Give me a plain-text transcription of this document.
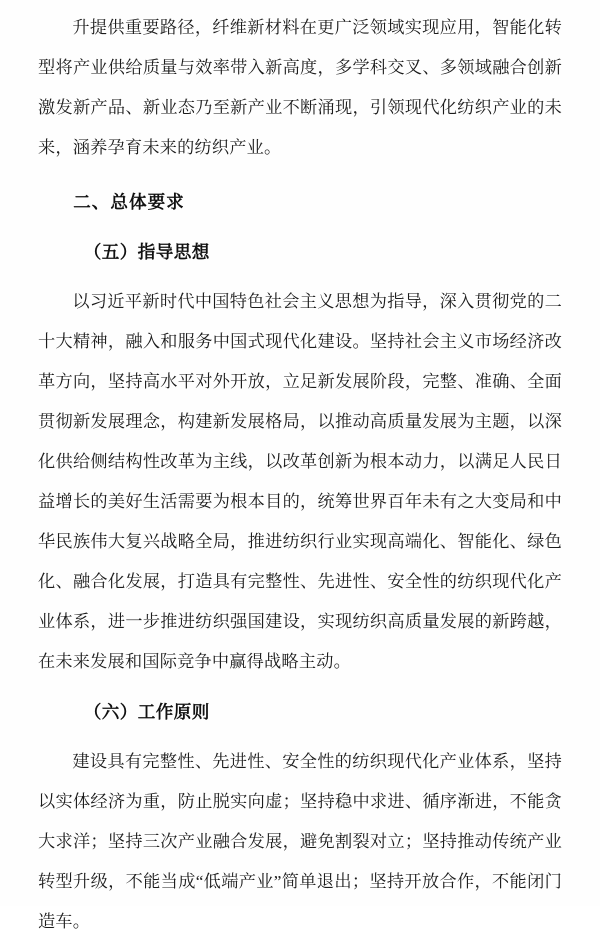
升提供重要路径，纤维新材料在更广泛领域实现应用，智能化转型将产业供给质量与效率带入新高度，多学科交叉、多领域融合创新激发新产品、新业态乃至新产业不断涌现，引领现代化纺织产业的未来，涵养孕育未来的纺织产业。

二、总体要求
（五）指导思想

以习近平新时代中国特色社会主义思想为指导，深入贯彻党的二十大精神，融入和服务中国式现代化建设。坚持社会主义市场经济改革方向，坚持高水平对外开放，立足新发展阶段，完整、准确、全面贯彻新发展理念，构建新发展格局，以推动高质量发展为主题，以深化供给侧结构性改革为主线，以改革创新为根本动力，以满足人民日益增长的美好生活需要为根本目的，统筹世界百年未有之大变局和中华民族伟大复兴战略全局，推进纺织行业实现高端化、智能化、绿色化、融合化发展，打造具有完整性、先进性、安全性的纺织现代化产业体系，进一步推进纺织强国建设，实现纺织高质量发展的新跨越，在未来发展和国际竞争中赢得战略主动。

（六）工作原则

建设具有完整性、先进性、安全性的纺织现代化产业体系，坚持以实体经济为重，防止脱实向虚；坚持稳中求进、循序渐进，不能贪大求洋；坚持三次产业融合发展，避免割裂对立；坚持推动传统产业转型升级，不能当成“低端产业”简单退出；坚持开放合作，不能闭门造车。
